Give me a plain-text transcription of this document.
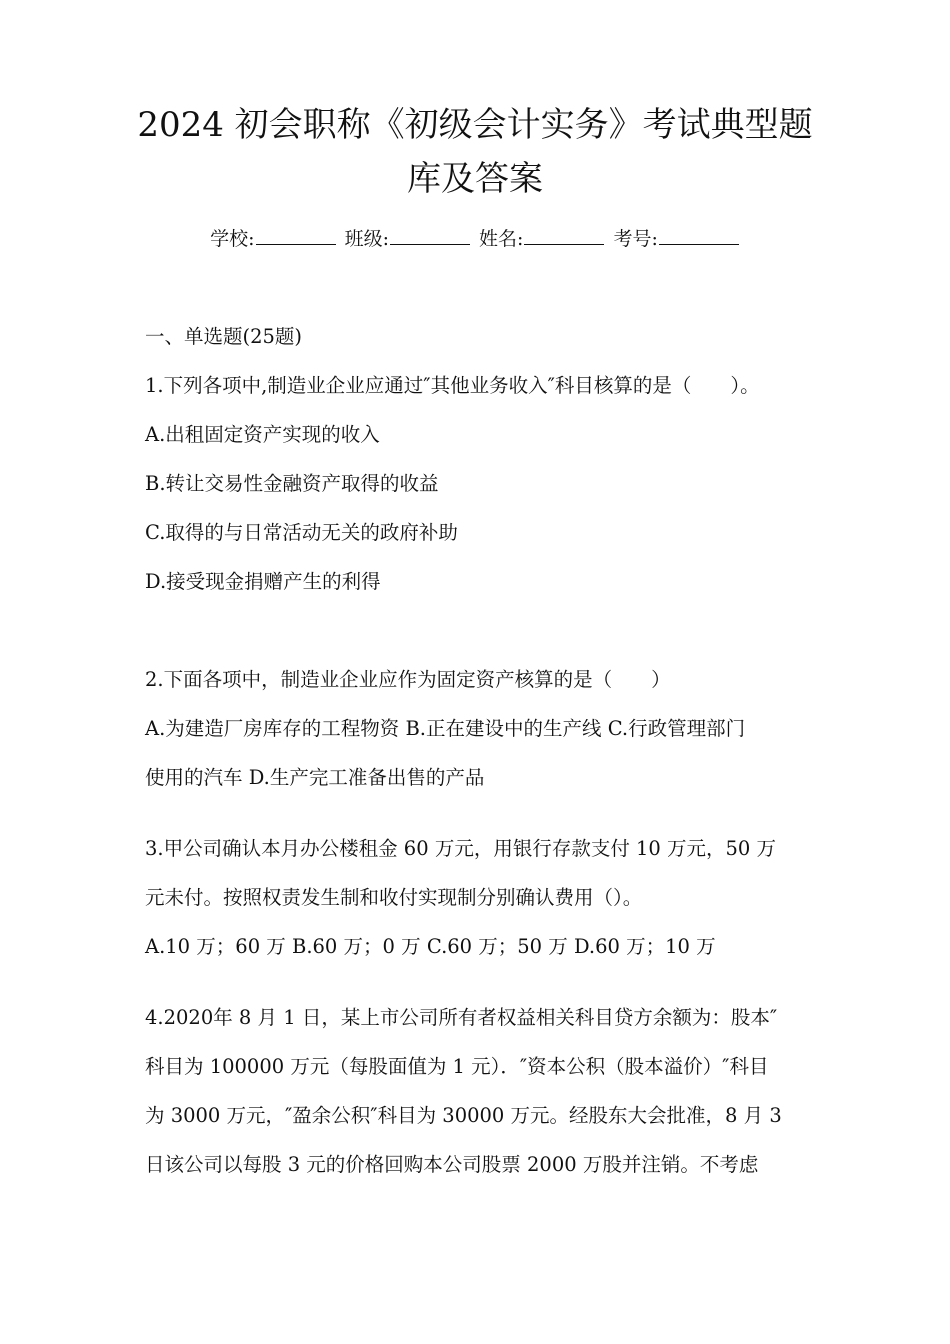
2024 初会职称《初级会计实务》考试典型题
库及答案
学校:	班级:	姓名:	考号:
一、单选题(25题)
1.下列各项中,制造业企业应通过″其他业务收入″科目核算的是（　　）。
A.出租固定资产实现的收入
B.转让交易性金融资产取得的收益
C.取得的与日常活动无关的政府补助
D.接受现金捐赠产生的利得
2.下面各项中，制造业企业应作为固定资产核算的是（　　）
A.为建造厂房库存的工程物资 B.正在建设中的生产线 C.行政管理部门
使用的汽车 D.生产完工准备出售的产品
3.甲公司确认本月办公楼租金 60 万元，用银行存款支付 10 万元，50 万
元未付。按照权责发生制和收付实现制分别确认费用（）。
A.10 万；60 万 B.60 万；0 万 C.60 万；50 万 D.60 万；10 万
4.2020年 8 月 1 日，某上市公司所有者权益相关科目贷方余额为：股本″
科目为 100000 万元（每股面值为 1 元）．″资本公积（股本溢价）″科目
为 3000 万元，″盈余公积″科目为 30000 万元。经股东大会批准，8 月 3
日该公司以每股 3 元的价格回购本公司股票 2000 万股并注销。不考虑
